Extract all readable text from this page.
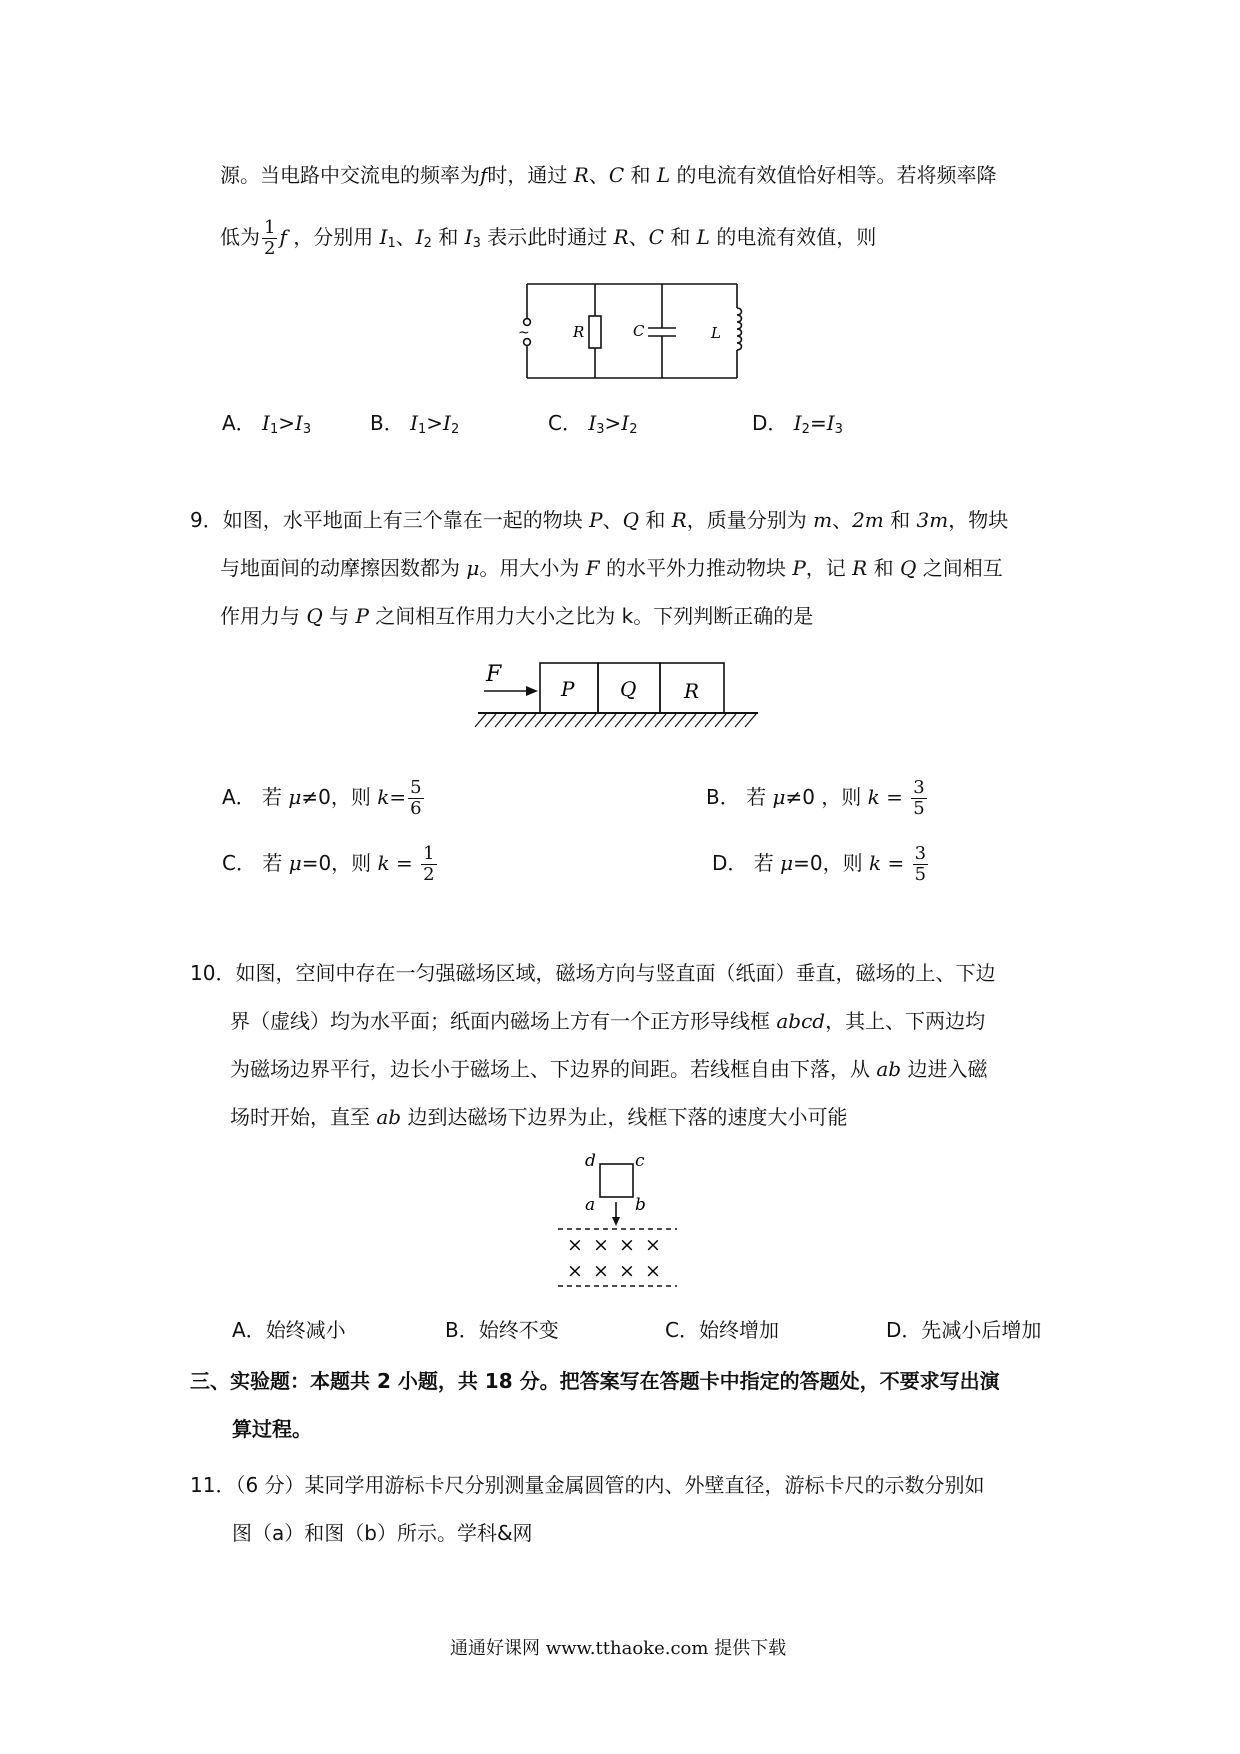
源。当电路中交流电的频率为f时，通过 R、C 和 L 的电流有效值恰好相等。若将频率降
低为 $\frac{1}{2}$ f ，分别用 $I_1$、$I_2$ 和 $I_3$ 表示此时通过 R、C 和 L 的电流有效值，则
~	R	C	L
A． $I_1>I_3$	B． $I_1>I_2$	C． $I_3>I_2$	D． $I_2=I_3$
9．如图，水平地面上有三个靠在一起的物块 P、Q 和 R，质量分别为 m、2m 和 3m，物块
与地面间的动摩擦因数都为 μ。用大小为 F 的水平外力推动物块 P，记 R 和 Q 之间相互
作用力与 Q 与 P 之间相互作用力大小之比为 k。下列判断正确的是
F
P Q R
A． 若 μ≠0，则 $k= \frac{5}{6}$	B． 若 μ≠0 ，则 $k = \frac{3}{5}$
C． 若 μ=0，则 $k = \frac{1}{2}$	D． 若 μ=0，则 $k = \frac{3}{5}$
10．如图，空间中存在一匀强磁场区域，磁场方向与竖直面（纸面）垂直，磁场的上、下边
界（虚线）均为水平面；纸面内磁场上方有一个正方形导线框 abcd，其上、下两边均
为磁场边界平行，边长小于磁场上、下边界的间距。若线框自由下落，从 ab 边进入磁
场时开始，直至 ab 边到达磁场下边界为止，线框下落的速度大小可能
d c
a b
× × × ×
× × × ×
A．始终减小	B．始终不变	C．始终增加	D．先减小后增加
三、实验题：本题共 2 小题，共 18 分。把答案写在答题卡中指定的答题处，不要求写出演
算过程。
11．（6 分）某同学用游标卡尺分别测量金属圆管的内、外壁直径，游标卡尺的示数分别如
图（a）和图（b）所示。学科&网
通通好课网 www.tthaoke.com 提供下载
